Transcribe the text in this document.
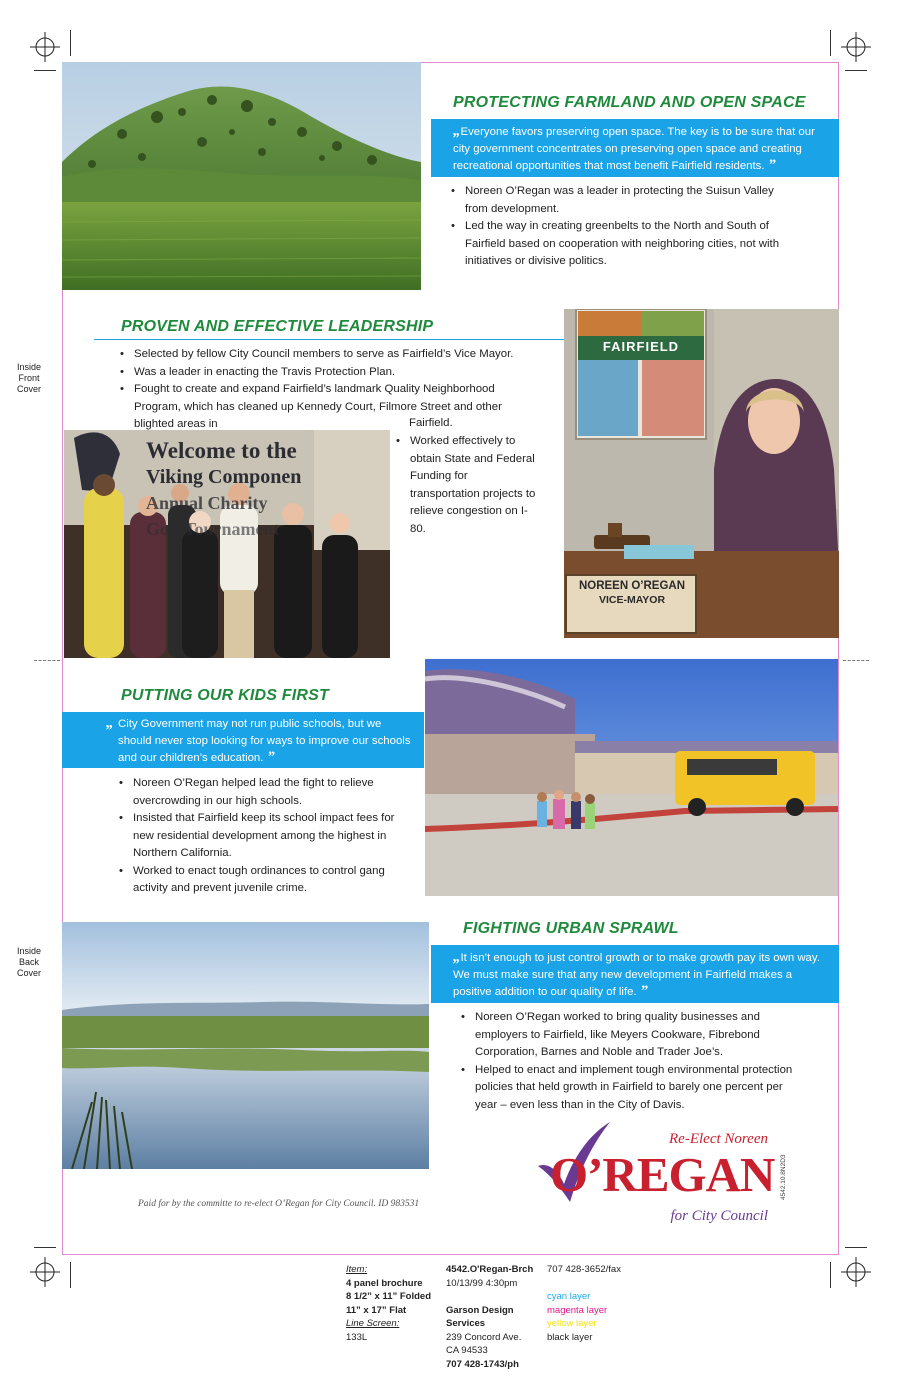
Inside
Front
Cover
Inside
Back
Cover
PROTECTING FARMLAND AND OPEN SPACE
„Everyone favors preserving open space. The key is to be sure that our city government concentrates on preserving open space and creating recreational opportunities that most benefit Fairfield residents. ”
• Noreen O’Regan was a leader in protecting the Suisun Valley from development.
• Led the way in creating greenbelts to the North and South of Fairfield based on cooperation with neighboring cities, not with initiatives or divisive politics.
PROVEN AND EFFECTIVE LEADERSHIP
• Selected by fellow City Council members to serve as Fairfield’s Vice Mayor.
• Was a leader in enacting the Travis Protection Plan.
• Fought to create and expand Fairfield’s landmark Quality Neighborhood Program, which has cleaned up Kennedy Court, Filmore Street and other blighted areas in	Fairfield.
• Worked effectively to obtain State and Federal Funding for transportation projects to relieve congestion on I-80.
Welcome to the
Viking Componen
Annual Charity
Golf Tournament
FAIRFIELD
NOREEN O’REGAN
VICE-MAYOR
PUTTING OUR KIDS FIRST
„ City Government may not run public schools, but we should never stop looking for ways to improve our schools and our children’s education. ”
• Noreen O’Regan helped lead the fight to relieve overcrowding in our high schools.
• Insisted that Fairfield keep its school impact fees for new residential development among the highest in Northern California.
• Worked to enact tough ordinances to control gang activity and prevent juvenile crime.
FIGHTING URBAN SPRAWL
„It isn’t enough to just control growth or to make growth pay its own way. We must make sure that any new development in Fairfield makes a positive addition to our quality of life. ”
• Noreen O’Regan worked to bring quality businesses and employers to Fairfield, like Meyers Cookware, Fibrebond Corporation, Barnes and Noble and Trader Joe’s.
• Helped to enact and implement tough environmental protection policies that held growth in Fairfield to barely one percent per year – even less than in the City of Davis.
Re-Elect Noreen
O’REGAN
for City Council
Paid for by the committe to re-elect O’Regan for City Council. ID 983531
4542.10.8N2D3
Item:
4 panel brochure
8 1/2” x 11” Folded
11” x 17” Flat
Line Screen:
133L
4542.O'Regan-Brch
10/13/99 4:30pm
Garson Design
Services
239 Concord Ave.
CA 94533
707 428-1743/ph
707 428-3652/fax
cyan layer
magenta layer
yellow layer
black layer
